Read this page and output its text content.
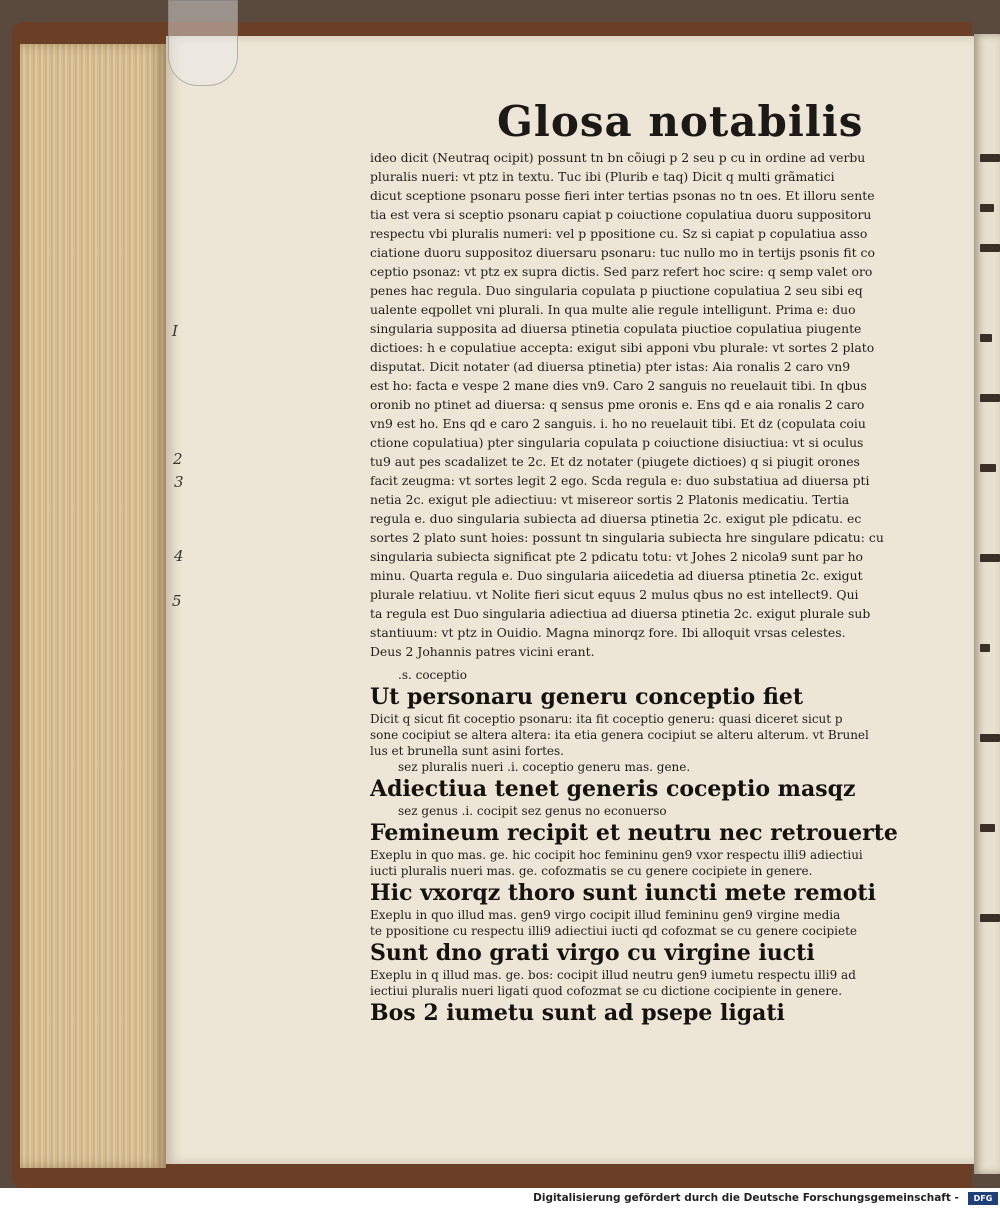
I
2
3
4
5
Glosa notabilis
ideo dicit (Neutraq ocipit) possunt tn bn cõiugi p 2 seu p cu in ordine ad verbu
pluralis nueri: vt ptz in textu. Tuc ibi (Plurib e taq) Dicit q multi grãmatici
dicut sceptione psonaru posse fieri inter tertias psonas no tn oes. Et illoru sente
tia est vera si sceptio psonaru capiat p coiuctione copulatiua duoru suppositoru
respectu vbi pluralis numeri: vel p ppositione cu. Sz si capiat p copulatiua asso
ciatione duoru suppositoz diuersaru psonaru: tuc nullo mo in tertijs psonis fit co
ceptio psonaz: vt ptz ex supra dictis. Sed parz refert hoc scire: q semp valet oro
penes hac regula. Duo singularia copulata p piuctione copulatiua 2 seu sibi eq
ualente eqpollet vni plurali. In qua multe alie regule intelligunt. Prima e: duo
singularia supposita ad diuersa ptinetia copulata piuctioe copulatiua piugente
dictioes: h e copulatiue accepta: exigut sibi apponi vbu plurale: vt sortes 2 plato
disputat. Dicit notater (ad diuersa ptinetia) pter istas: Aia ronalis 2 caro vn9
est ho: facta e vespe 2 mane dies vn9. Caro 2 sanguis no reuelauit tibi. In qbus
oronib no ptinet ad diuersa: q sensus pme oronis e. Ens qd e aia ronalis 2 caro
vn9 est ho. Ens qd e caro 2 sanguis. i. ho no reuelauit tibi. Et dz (copulata coiu
ctione copulatiua) pter singularia copulata p coiuctione disiuctiua: vt si oculus
tu9 aut pes scadalizet te 2c. Et dz notater (piugete dictioes) q si piugit orones
facit zeugma: vt sortes legit 2 ego. Scda regula e: duo substatiua ad diuersa pti
netia 2c. exigut ple adiectiuu: vt misereor sortis 2 Platonis medicatiu. Tertia
regula e. duo singularia subiecta ad diuersa ptinetia 2c. exigut ple pdicatu. ec
sortes 2 plato sunt hoies: possunt tn singularia subiecta hre singulare pdicatu: cu
singularia subiecta significat pte 2 pdicatu totu: vt Johes 2 nicola9 sunt par ho
minu. Quarta regula e. Duo singularia aiicedetia ad diuersa ptinetia 2c. exigut
plurale relatiuu. vt Nolite fieri sicut equus 2 mulus qbus no est intellect9. Qui
ta regula est Duo singularia adiectiua ad diuersa ptinetia 2c. exigut plurale sub
stantiuum: vt ptz in Ouidio. Magna minorqz fore. Ibi alloquit vrsas celestes.
Deus 2 Johannis patres vicini erant.
.s. coceptio
Ut personaru generu conceptio fiet
Dicit q sicut fit coceptio psonaru: ita fit coceptio generu: quasi diceret sicut p
sone cocipiut se altera altera: ita etia genera cocipiut se alteru alterum. vt Brunel
lus et brunella sunt asini fortes.
sez pluralis nueri .i. coceptio generu mas. gene.
Adiectiua tenet generis coceptio masqz
sez genus .i. cocipit sez genus no econuerso
Femineum recipit et neutru nec retrouerte
Exeplu in quo mas. ge. hic cocipit hoc femininu gen9 vxor respectu illi9 adiectiui
iucti pluralis nueri mas. ge. cofozmatis se cu genere cocipiete in genere.
Hic vxorqz thoro sunt iuncti mete remoti
Exeplu in quo illud mas. gen9 virgo cocipit illud femininu gen9 virgine media
te ppositione cu respectu illi9 adiectiui iucti qd cofozmat se cu genere cocipiete
Sunt dno grati virgo cu virgine iucti
Exeplu in q illud mas. ge. bos: cocipit illud neutru gen9 iumetu respectu illi9 ad
iectiui pluralis nueri ligati quod cofozmat se cu dictione cocipiente in genere.
Bos 2 iumetu sunt ad psepe ligati
Digitalisierung gefördert durch die Deutsche Forschungsgemeinschaft - DFG
